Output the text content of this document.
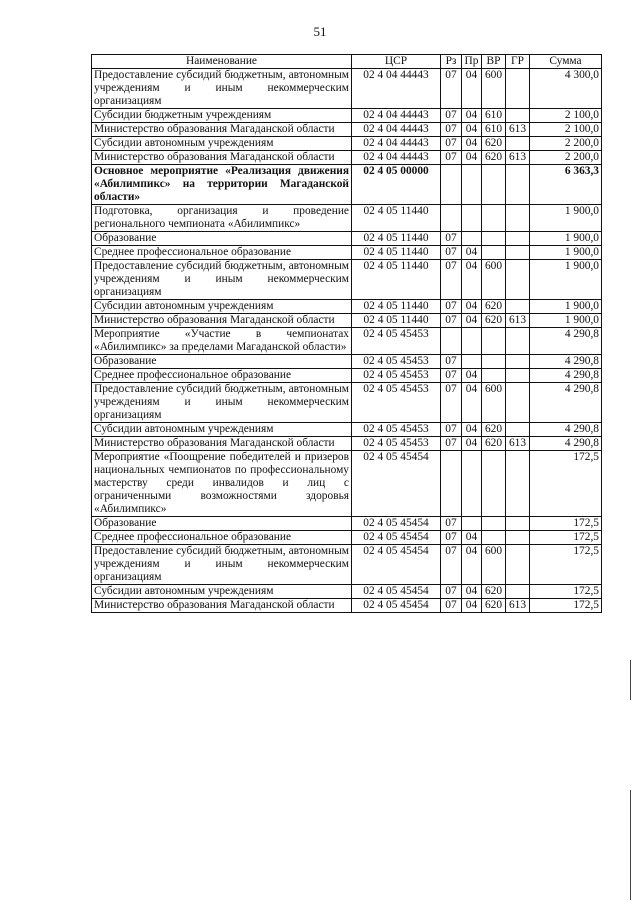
51
Наименование	ЦСР	Рз	Пр	ВР	ГР	Сумма
Предоставление субсидий бюджетным, автономным учреждениям и иным некоммерческим организациям	02 4 04 44443	07	04	600		4 300,0
Субсидии бюджетным учреждениям	02 4 04 44443	07	04	610		2 100,0
Министерство образования Магаданской области	02 4 04 44443	07	04	610	613	2 100,0
Субсидии автономным учреждениям	02 4 04 44443	07	04	620		2 200,0
Министерство образования Магаданской области	02 4 04 44443	07	04	620	613	2 200,0
Основное мероприятие «Реализация движения «Абилимпикс» на территории Магаданской области»	02 4 05 00000					6 363,3
Подготовка, организация и проведение регионального чемпионата «Абилимпикс»	02 4 05 11440					1 900,0
Образование	02 4 05 11440	07				1 900,0
Среднее профессиональное образование	02 4 05 11440	07	04			1 900,0
Предоставление субсидий бюджетным, автономным учреждениям и иным некоммерческим организациям	02 4 05 11440	07	04	600		1 900,0
Субсидии автономным учреждениям	02 4 05 11440	07	04	620		1 900,0
Министерство образования Магаданской области	02 4 05 11440	07	04	620	613	1 900,0
Мероприятие «Участие в чемпионатах «Абилимпикс» за пределами Магаданской области»	02 4 05 45453					4 290,8
Образование	02 4 05 45453	07				4 290,8
Среднее профессиональное образование	02 4 05 45453	07	04			4 290,8
Предоставление субсидий бюджетным, автономным учреждениям и иным некоммерческим организациям	02 4 05 45453	07	04	600		4 290,8
Субсидии автономным учреждениям	02 4 05 45453	07	04	620		4 290,8
Министерство образования Магаданской области	02 4 05 45453	07	04	620	613	4 290,8
Мероприятие «Поощрение победителей и призеров национальных чемпионатов по профессиональному мастерству среди инвалидов и лиц с ограниченными возможностями здоровья «Абилимпикс»	02 4 05 45454					172,5
Образование	02 4 05 45454	07				172,5
Среднее профессиональное образование	02 4 05 45454	07	04			172,5
Предоставление субсидий бюджетным, автономным учреждениям и иным некоммерческим организациям	02 4 05 45454	07	04	600		172,5
Субсидии автономным учреждениям	02 4 05 45454	07	04	620		172,5
Министерство образования Магаданской области	02 4 05 45454	07	04	620	613	172,5
